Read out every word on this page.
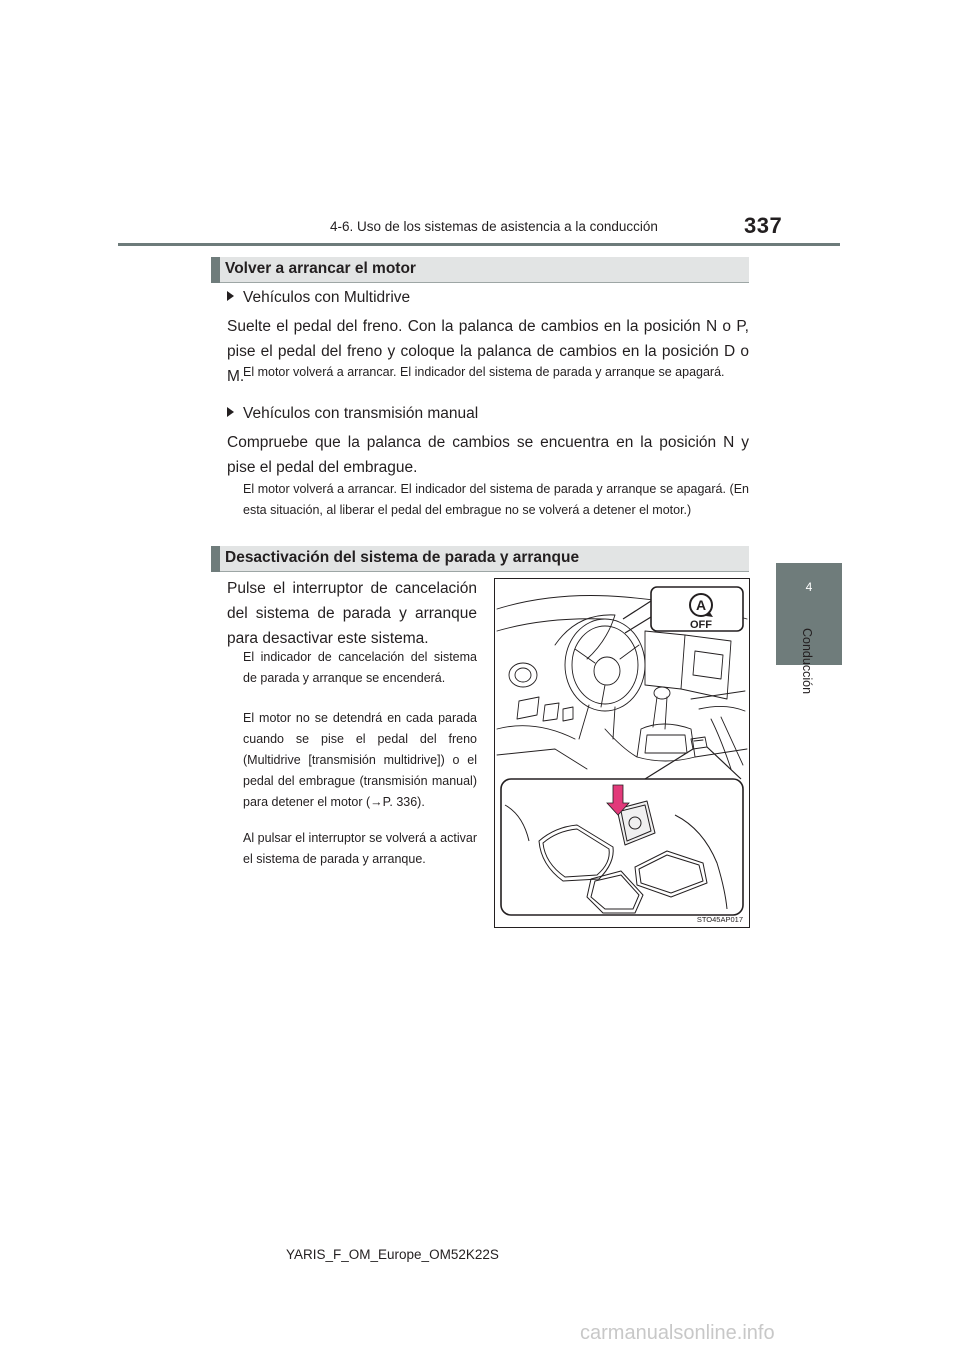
4-6. Uso de los sistemas de asistencia a la conducción	337
4
Conducción
Volver a arrancar el motor
Vehículos con Multidrive
Suelte el pedal del freno. Con la palanca de cambios en la posición N o P, pise el pedal del freno y coloque la palanca de cambios en la posición D o M.
El motor volverá a arrancar. El indicador del sistema de parada y arranque se apagará.
Vehículos con transmisión manual
Compruebe que la palanca de cambios se encuentra en la posición N y pise el pedal del embrague.
El motor volverá a arrancar. El indicador del sistema de parada y arranque se apagará. (En esta situación, al liberar el pedal del embrague no se volverá a detener el motor.)
Desactivación del sistema de parada y arranque
Pulse el interruptor de cancelación del sistema de parada y arranque para desactivar este sistema.
El indicador de cancelación del sistema de parada y arranque se encenderá.
El motor no se detendrá en cada parada cuando se pise el pedal del freno (Multidrive [transmisión multidrive]) o el pedal del embrague (transmisión manual) para detener el motor (→P. 336).
Al pulsar el interruptor se volverá a activar el sistema de parada y arranque.
A
OFF
STO45AP017
YARIS_F_OM_Europe_OM52K22S
carmanualsonline.info
